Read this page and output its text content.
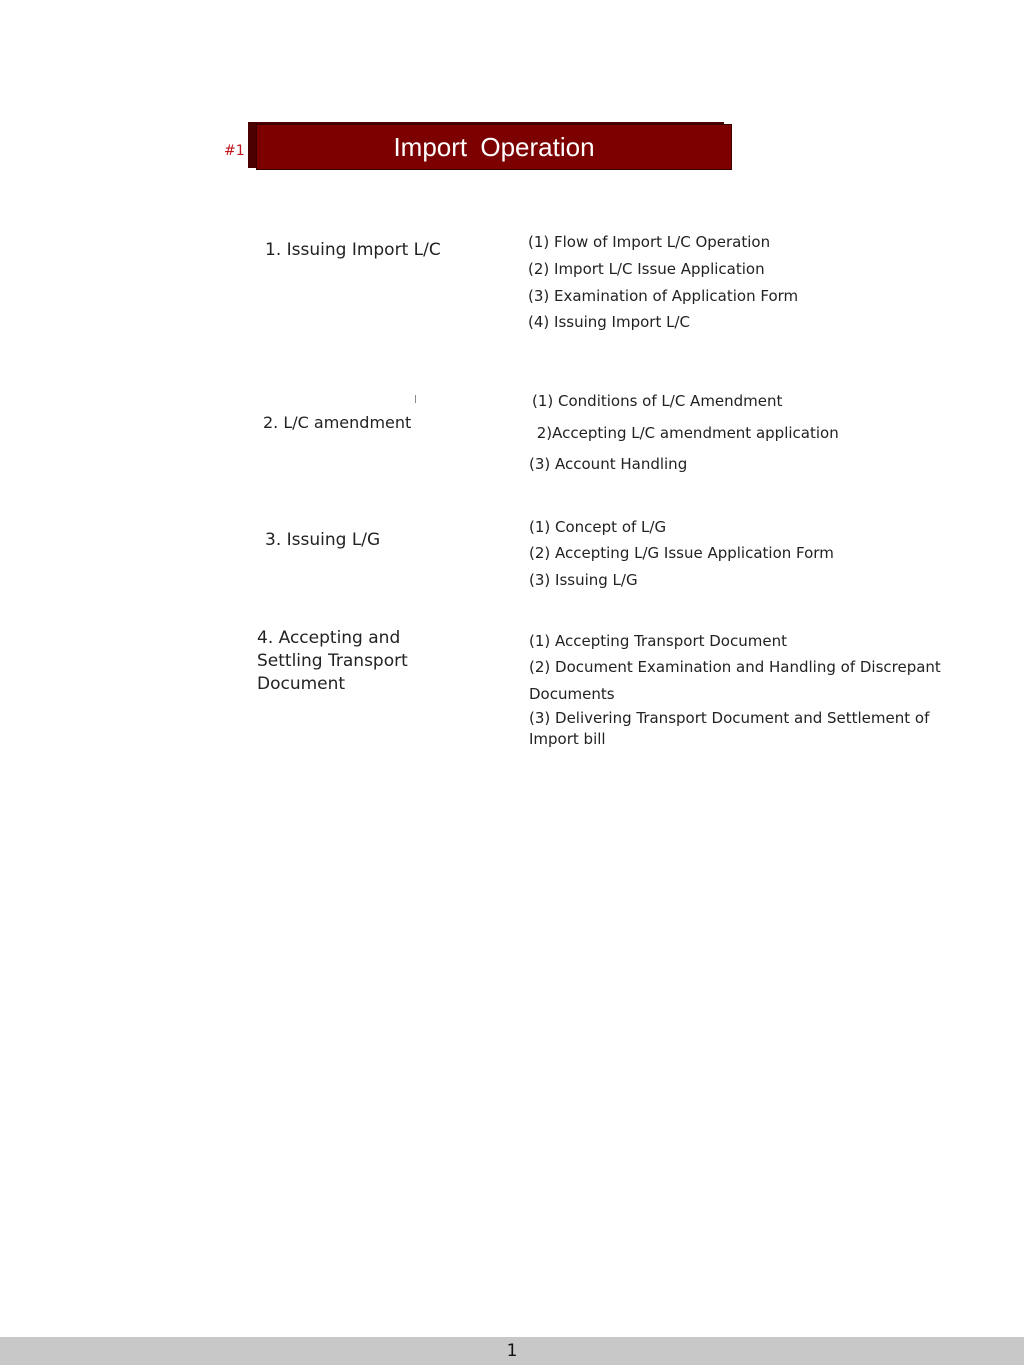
#1	Import Operation
1. Issuing Import L/C	(1) Flow of Import L/C Operation
(2) Import L/C Issue Application
(3) Examination of Application Form
(4) Issuing Import L/C
2. L/C amendment
(1) Conditions of L/C Amendment
2)Accepting L/C amendment application
(3) Account Handling
3. Issuing L/G
(1) Concept of L/G
(2) Accepting L/G Issue Application Form
(3) Issuing L/G
4. Accepting and Settling Transport Document
(1) Accepting Transport Document
(2) Document Examination and Handling of Discrepant
Documents
(3) Delivering Transport Document and Settlement of Import bill
1
